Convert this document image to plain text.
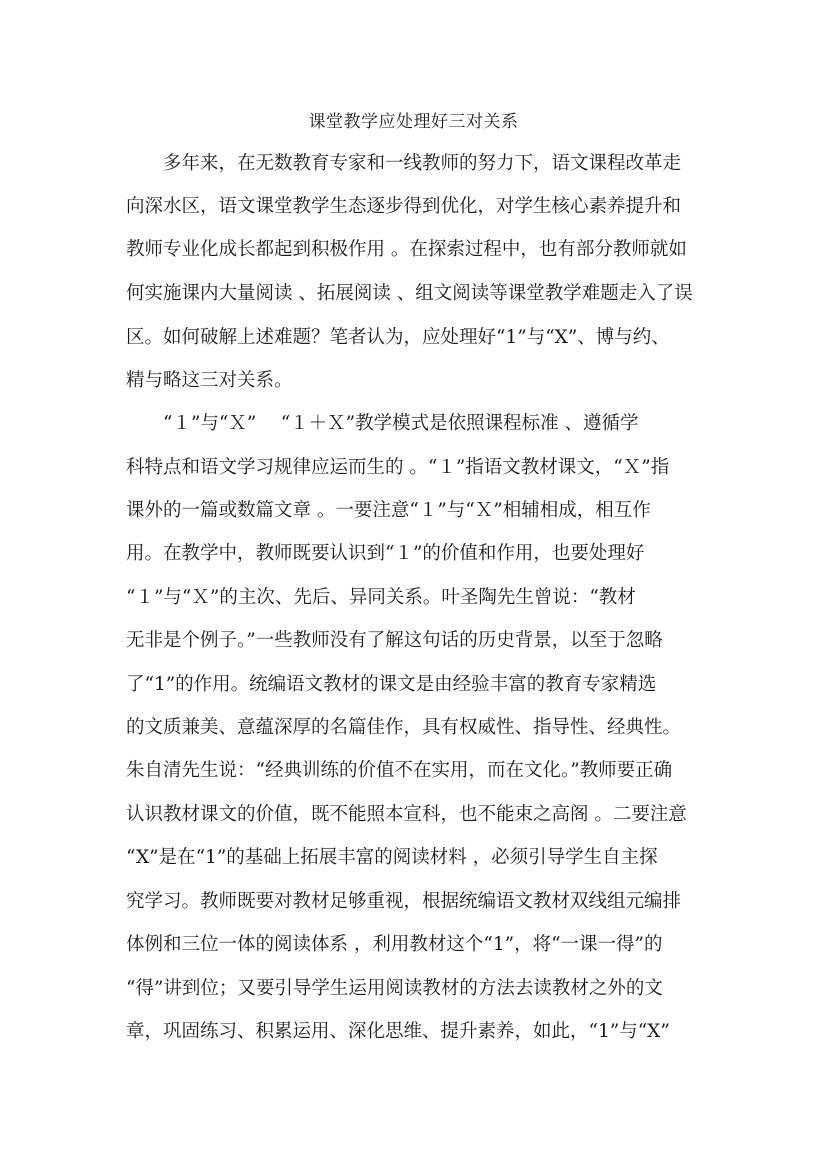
课堂教学应处理好三对关系
　　多年来，在无数教育专家和一线教师的努力下，语文课程改革走
向深水区，语文课堂教学生态逐步得到优化，对学生核心素养提升和
教师专业化成长都起到积极作用 。在探索过程中，也有部分教师就如
何实施课内大量阅读 、拓展阅读 、组文阅读等课堂教学难题走入了误
区。如何破解上述难题？笔者认为，应处理好“1”与“X”、博与约、
精与略这三对关系。
　　“１”与“Ｘ”　 “１＋Ｘ”教学模式是依照课程标准 、遵循学
科特点和语文学习规律应运而生的 。“１”指语文教材课文，“Ｘ”指
课外的一篇或数篇文章 。一要注意“１”与“Ｘ”相辅相成，相互作
用。在教学中，教师既要认识到“１”的价值和作用，也要处理好
“１”与“Ｘ”的主次、先后、异同关系。叶圣陶先生曾说：“教材
无非是个例子。”一些教师没有了解这句话的历史背景，以至于忽略
了“1”的作用。统编语文教材的课文是由经验丰富的教育专家精选
的文质兼美、意蕴深厚的名篇佳作，具有权威性、指导性、经典性。
朱自清先生说：“经典训练的价值不在实用，而在文化。”教师要正确
认识教材课文的价值，既不能照本宣科，也不能束之高阁 。二要注意
“X”是在“1”的基础上拓展丰富的阅读材料 ，必须引导学生自主探
究学习。教师既要对教材足够重视，根据统编语文教材双线组元编排
体例和三位一体的阅读体系 ，利用教材这个“1”，将“一课一得”的
“得”讲到位；又要引导学生运用阅读教材的方法去读教材之外的文
章，巩固练习、积累运用、深化思维、提升素养，如此，“1”与“X”
